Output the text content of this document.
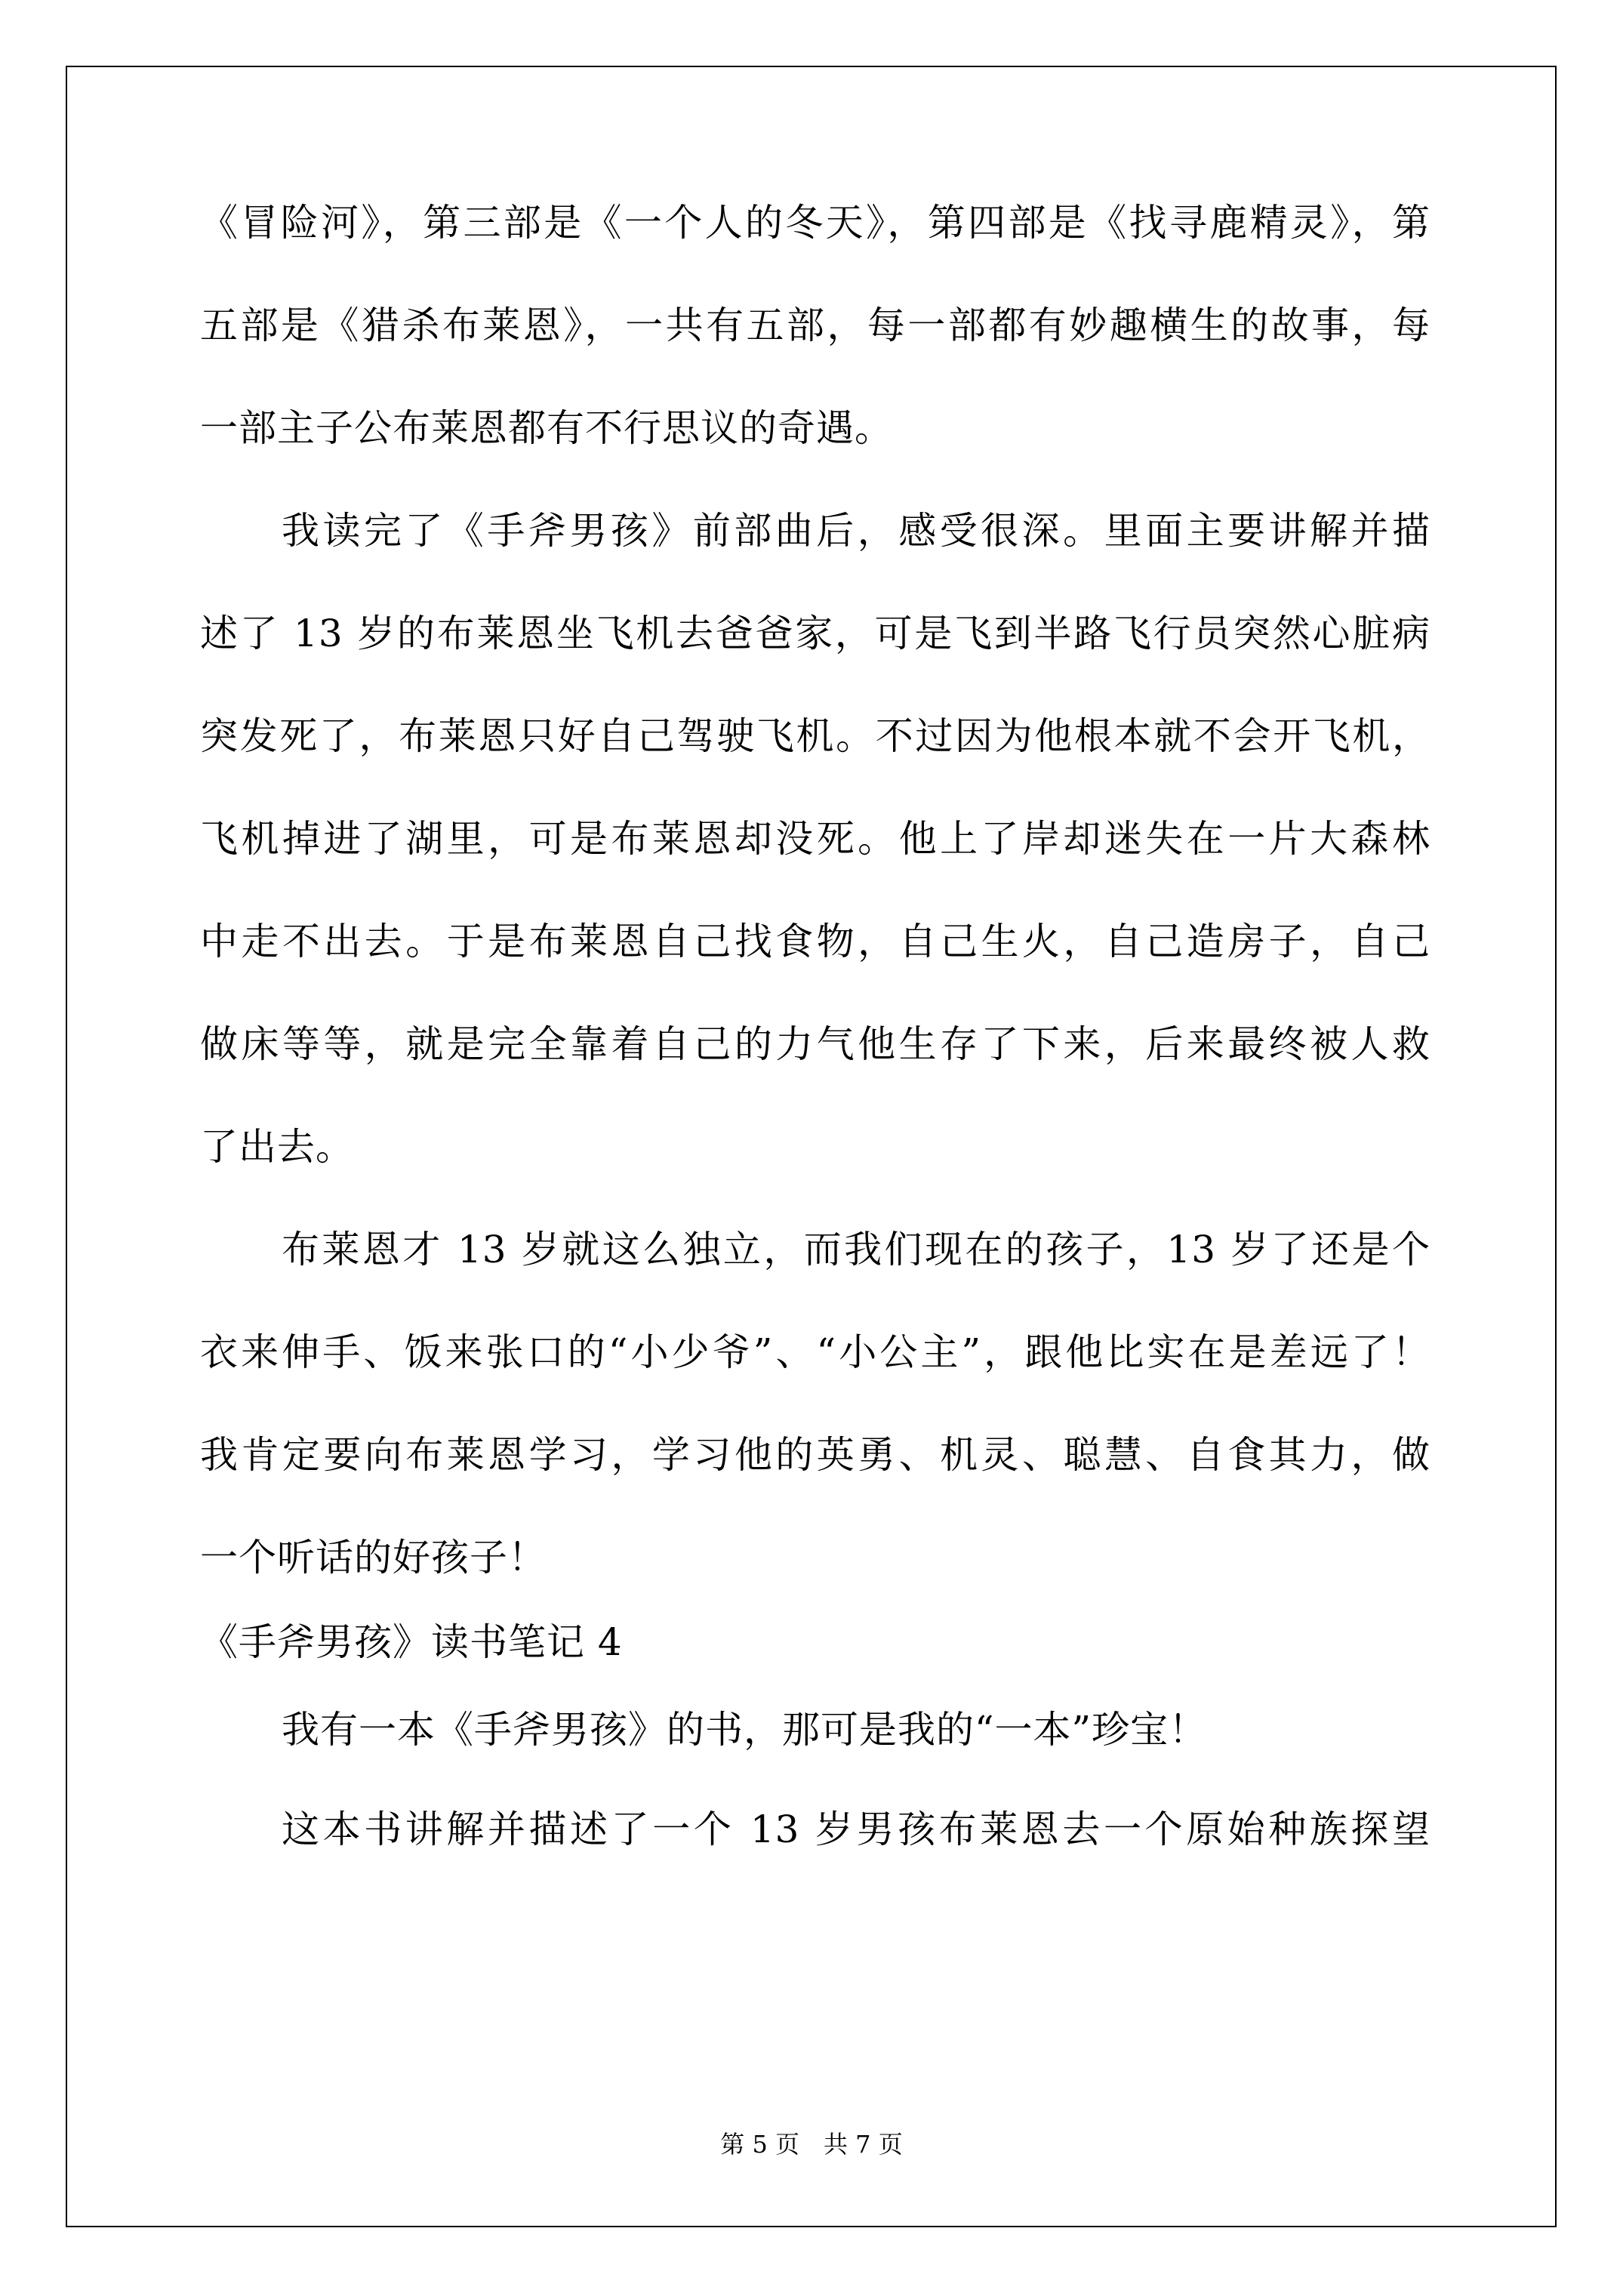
《冒险河》，第三部是《一个人的冬天》，第四部是《找寻鹿精灵》，第
五部是《猎杀布莱恩》，一共有五部，每一部都有妙趣横生的故事，每
一部主子公布莱恩都有不行思议的奇遇。
我读完了《手斧男孩》前部曲后，感受很深。里面主要讲解并描
述了 13 岁的布莱恩坐飞机去爸爸家，可是飞到半路飞行员突然心脏病
突发死了，布莱恩只好自己驾驶飞机。不过因为他根本就不会开飞机，
飞机掉进了湖里，可是布莱恩却没死。他上了岸却迷失在一片大森林
中走不出去。于是布莱恩自己找食物，自己生火，自己造房子，自己
做床等等，就是完全靠着自己的力气他生存了下来，后来最终被人救
了出去。
布莱恩才 13 岁就这么独立，而我们现在的孩子，13 岁了还是个
衣来伸手、饭来张口的“小少爷”、“小公主”，跟他比实在是差远了！
我肯定要向布莱恩学习，学习他的英勇、机灵、聪慧、自食其力，做
一个听话的好孩子！
《手斧男孩》读书笔记 4
我有一本《手斧男孩》的书，那可是我的“一本”珍宝！
这本书讲解并描述了一个 13 岁男孩布莱恩去一个原始种族探望
第 5 页　共 7 页
